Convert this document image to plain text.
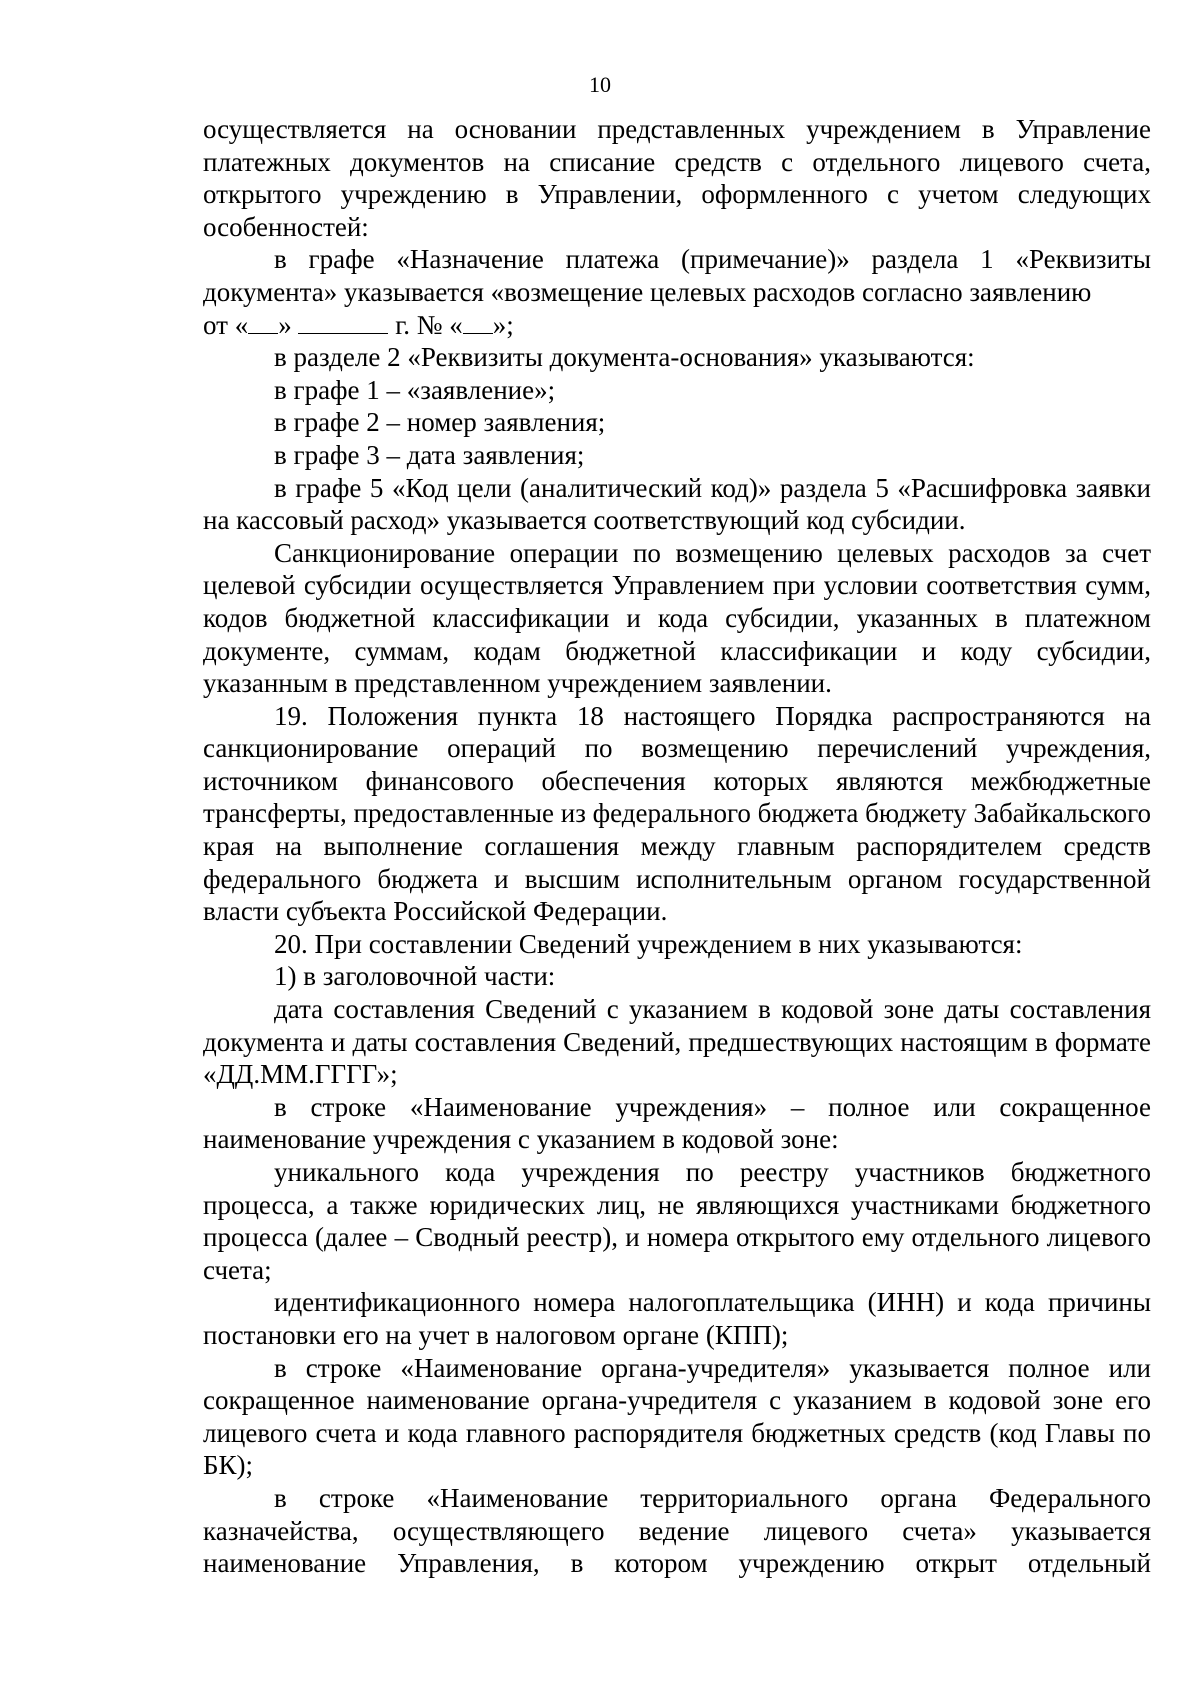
10

осуществляется на основании представленных учреждением в Управление платежных документов на списание средств с отдельного лицевого счета, открытого учреждению в Управлении, оформленного с учетом следующих особенностей:

в графе «Назначение платежа (примечание)» раздела 1 «Реквизиты документа» указывается «возмещение целевых расходов согласно заявлению

от « »	г. № « »;

в разделе 2 «Реквизиты документа-основания» указываются:

в графе 1 – «заявление»;

в графе 2 – номер заявления;

в графе 3 – дата заявления;

в графе 5 «Код цели (аналитический код)» раздела 5 «Расшифровка заявки на кассовый расход» указывается соответствующий код субсидии.

Санкционирование операции по возмещению целевых расходов за счет целевой субсидии осуществляется Управлением при условии соответствия сумм, кодов бюджетной классификации и кода субсидии, указанных в платежном документе, суммам, кодам бюджетной классификации и коду субсидии, указанным в представленном учреждением заявлении.

19. Положения пункта 18 настоящего Порядка распространяются на санкционирование операций по возмещению перечислений учреждения, источником финансового обеспечения которых являются межбюджетные трансферты, предоставленные из федерального бюджета бюджету Забайкальского края на выполнение соглашения между главным распорядителем средств федерального бюджета и высшим исполнительным органом государственной власти субъекта Российской Федерации.

20. При составлении Сведений учреждением в них указываются:

1) в заголовочной части:

дата составления Сведений с указанием в кодовой зоне даты составления документа и даты составления Сведений, предшествующих настоящим в формате «ДД.ММ.ГГГГ»;

в строке «Наименование учреждения» – полное или сокращенное наименование учреждения с указанием в кодовой зоне:

уникального кода учреждения по реестру участников бюджетного процесса, а также юридических лиц, не являющихся участниками бюджетного процесса (далее – Сводный реестр), и номера открытого ему отдельного лицевого счета;

идентификационного номера налогоплательщика (ИНН) и кода причины постановки его на учет в налоговом органе (КПП);

в строке «Наименование органа-учредителя» указывается полное или сокращенное наименование органа-учредителя с указанием в кодовой зоне его лицевого счета и кода главного распорядителя бюджетных средств (код Главы по БК);

в строке «Наименование территориального органа Федерального казначейства, осуществляющего ведение лицевого счета» указывается наименование Управления, в котором учреждению открыт отдельный
